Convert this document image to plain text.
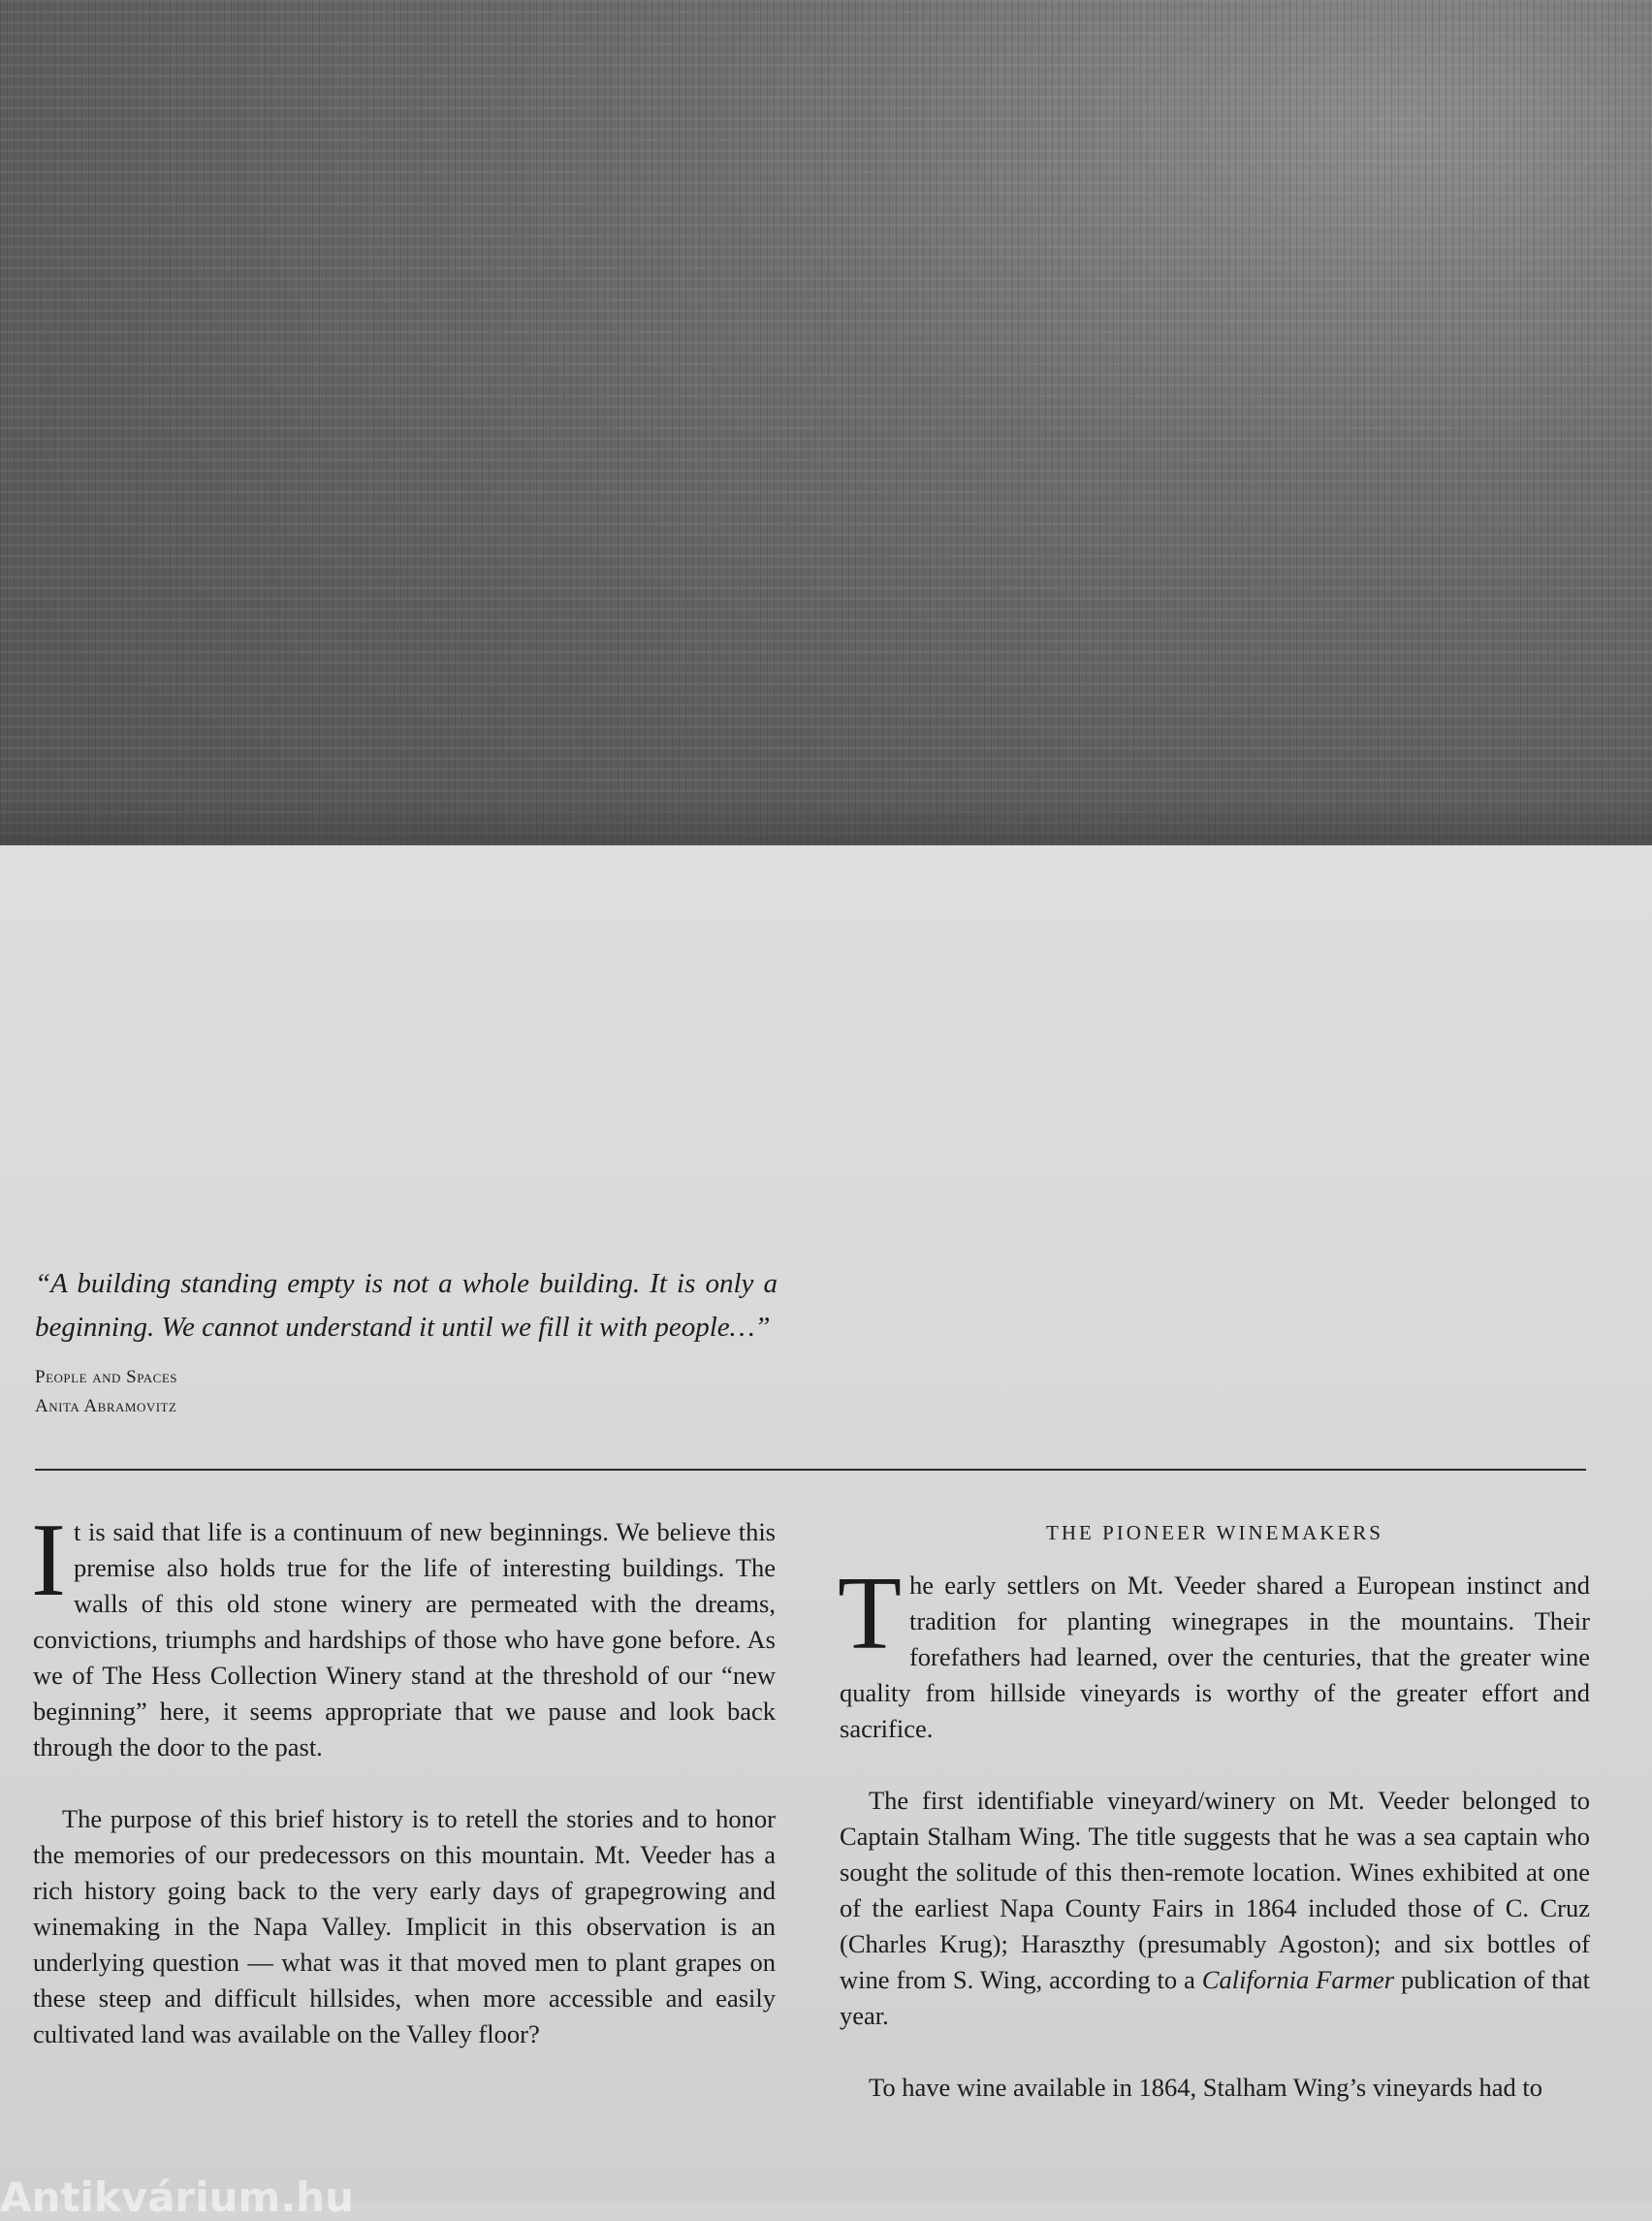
“A building standing empty is not a whole building. It is only a beginning. We cannot understand it until we fill it with people…”
People and Spaces
Anita Abramovitz

It is said that life is a continuum of new beginnings. We believe this premise also holds true for the life of interesting buildings. The walls of this old stone winery are permeated with the dreams, convictions, triumphs and hardships of those who have gone before. As we of The Hess Collection Winery stand at the threshold of our “new beginning” here, it seems appropriate that we pause and look back through the door to the past.

The purpose of this brief history is to retell the stories and to honor the memories of our predecessors on this mountain. Mt. Veeder has a rich history going back to the very early days of grapegrowing and winemaking in the Napa Valley. Implicit in this observation is an underlying question — what was it that moved men to plant grapes on these steep and difficult hillsides, when more accessible and easily cultivated land was available on the Valley floor?

THE PIONEER WINEMAKERS

The early settlers on Mt. Veeder shared a European instinct and tradition for planting winegrapes in the mountains. Their forefathers had learned, over the centuries, that the greater wine quality from hillside vineyards is worthy of the greater effort and sacrifice.

The first identifiable vineyard/winery on Mt. Veeder belonged to Captain Stalham Wing. The title suggests that he was a sea captain who sought the solitude of this then-remote location. Wines exhibited at one of the earliest Napa County Fairs in 1864 included those of C. Cruz (Charles Krug); Haraszthy (presumably Agoston); and six bottles of wine from S. Wing, according to a California Farmer publication of that year.

To have wine available in 1864, Stalham Wing’s vineyards had to

Antikvárium.hu
